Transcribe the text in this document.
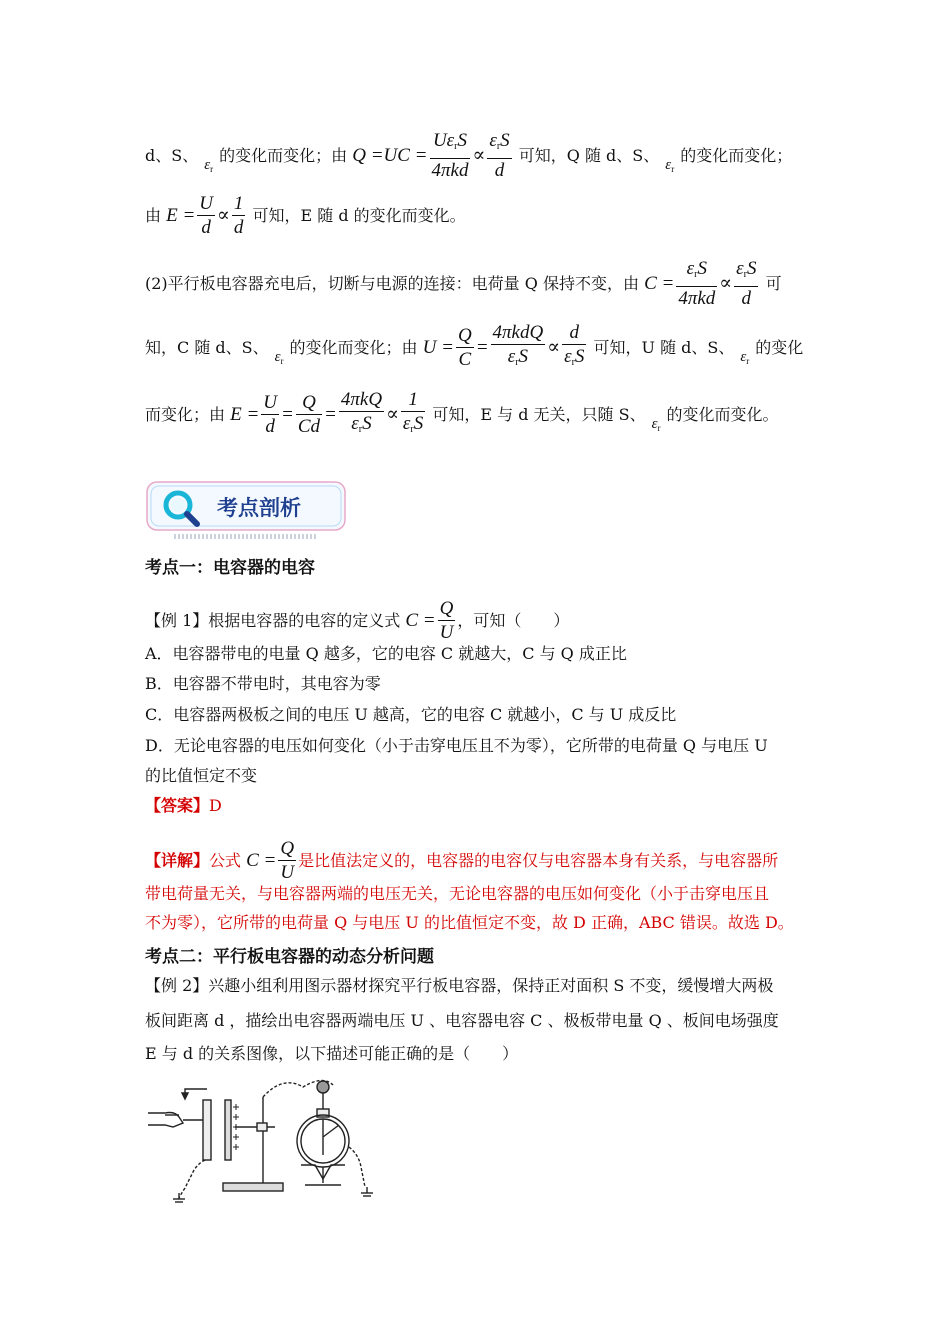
d、S、 $\varepsilon_r$的变化而变化；由 $Q =UC = \frac{U\varepsilon_rS}{\text{4πkd}} \propto \frac{\varepsilon_rS}{d}$ 可知，Q 随 d、S、 $\varepsilon_r$的变化而变化；
由 $E = \frac{U}{d} \propto \frac{1}{d}$ 可知，E 随 d 的变化而变化。
(2)平行板电容器充电后，切断与电源的连接：电荷量 Q 保持不变，由 $C = \frac{\varepsilon_rS}{\text{4πkd}} \propto \frac{\varepsilon_rS}{d}$ 可
知，C 随 d、S、 $\varepsilon_r$的变化而变化；由 $U = \frac{Q}{C} = \frac{\text{4πkdQ}}{\varepsilon_rS} \propto \frac{d}{\varepsilon_rS}$ 可知，U 随 d、S、 $\varepsilon_r$的变化
而变化；由 $E = \frac{U}{d} = \frac{Q}{Cd} = \frac{\text{4πkQ}}{\varepsilon_rS} \propto \frac{1}{\varepsilon_rS}$ 可知，E 与 d 无关，只随 S、 $\varepsilon_r$的变化而变化。
考点剖析
考点一：电容器的电容
【例 1】根据电容器的电容的定义式 $C = \frac{Q}{U}$ ，可知（　　）
A．电容器带电的电量 Q 越多，它的电容 C 就越大，C 与 Q 成正比
B．电容器不带电时，其电容为零
C．电容器两极板之间的电压 U 越高，它的电容 C 就越小，C 与 U 成反比
D．无论电容器的电压如何变化（小于击穿电压且不为零），它所带的电荷量 Q 与电压 U
的比值恒定不变
【答案】D
【详解】公式 $C = \frac{Q}{U}$ 是比值法定义的，电容器的电容仅与电容器本身有关系，与电容器所
带电荷量无关，与电容器两端的电压无关，无论电容器的电压如何变化（小于击穿电压且
不为零），它所带的电荷量 Q 与电压 U 的比值恒定不变，故 D 正确，ABC 错误。故选 D。
考点二：平行板电容器的动态分析问题
【例 2】兴趣小组利用图示器材探究平行板电容器，保持正对面积 S 不变，缓慢增大两极
板间距离 d ，描绘出电容器两端电压 U 、电容器电容 C 、极板带电量 Q 、板间电场强度
E 与 d 的关系图像，以下描述可能正确的是（　　）
